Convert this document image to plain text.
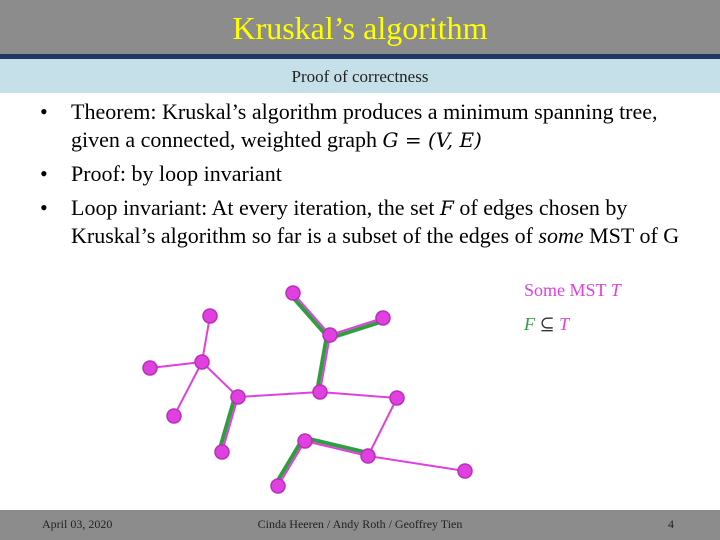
Kruskal’s algorithm
Proof of correctness
• Theorem: Kruskal’s algorithm produces a minimum spanning tree, given a connected, weighted graph G = (V, E)
• Proof: by loop invariant
• Loop invariant: At every iteration, the set F of edges chosen by Kruskal’s algorithm so far is a subset of the edges of some MST of G
Some MST T
F ⊆ T
April 03, 2020	Cinda Heeren / Andy Roth / Geoffrey Tien	4
